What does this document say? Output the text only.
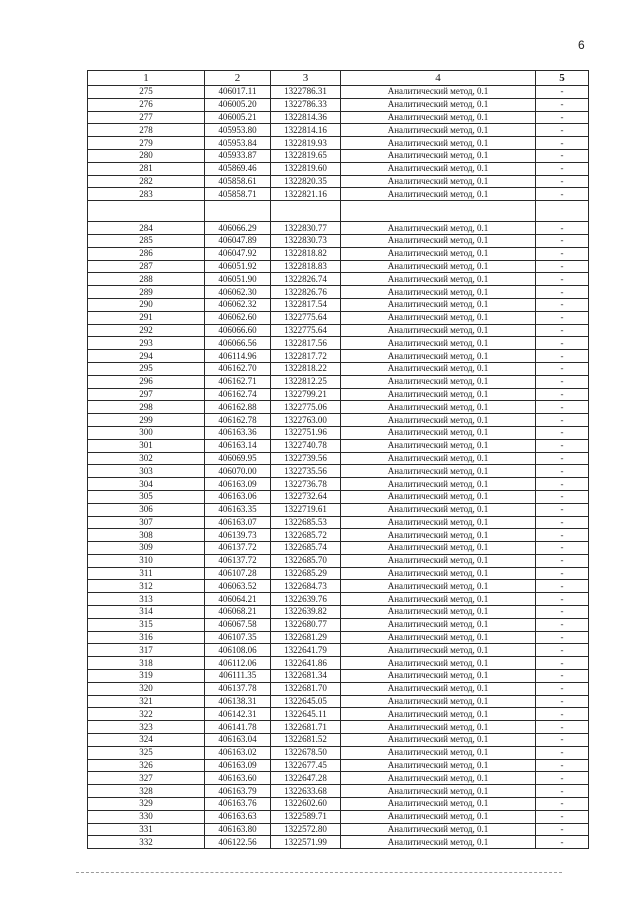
6
1	2	3	4	5
275	406017.11	1322786.31	Аналитический метод, 0.1	-
276	406005.20	1322786.33	Аналитический метод, 0.1	-
277	406005.21	1322814.36	Аналитический метод, 0.1	-
278	405953.80	1322814.16	Аналитический метод, 0.1	-
279	405953.84	1322819.93	Аналитический метод, 0.1	-
280	405933.87	1322819.65	Аналитический метод, 0.1	-
281	405869.46	1322819.60	Аналитический метод, 0.1	-
282	405858.61	1322820.35	Аналитический метод, 0.1	-
283	405858.71	1322821.16	Аналитический метод, 0.1	-

284	406066.29	1322830.77	Аналитический метод, 0.1	-
285	406047.89	1322830.73	Аналитический метод, 0.1	-
286	406047.92	1322818.82	Аналитический метод, 0.1	-
287	406051.92	1322818.83	Аналитический метод, 0.1	-
288	406051.90	1322826.74	Аналитический метод, 0.1	-
289	406062.30	1322826.76	Аналитический метод, 0.1	-
290	406062.32	1322817.54	Аналитический метод, 0.1	-
291	406062.60	1322775.64	Аналитический метод, 0.1	-
292	406066.60	1322775.64	Аналитический метод, 0.1	-
293	406066.56	1322817.56	Аналитический метод, 0.1	-
294	406114.96	1322817.72	Аналитический метод, 0.1	-
295	406162.70	1322818.22	Аналитический метод, 0.1	-
296	406162.71	1322812.25	Аналитический метод, 0.1	-
297	406162.74	1322799.21	Аналитический метод, 0.1	-
298	406162.88	1322775.06	Аналитический метод, 0.1	-
299	406162.78	1322763.00	Аналитический метод, 0.1	-
300	406163.36	1322751.96	Аналитический метод, 0.1	-
301	406163.14	1322740.78	Аналитический метод, 0.1	-
302	406069.95	1322739.56	Аналитический метод, 0.1	-
303	406070.00	1322735.56	Аналитический метод, 0.1	-
304	406163.09	1322736.78	Аналитический метод, 0.1	-
305	406163.06	1322732.64	Аналитический метод, 0.1	-
306	406163.35	1322719.61	Аналитический метод, 0.1	-
307	406163.07	1322685.53	Аналитический метод, 0.1	-
308	406139.73	1322685.72	Аналитический метод, 0.1	-
309	406137.72	1322685.74	Аналитический метод, 0.1	-
310	406137.72	1322685.70	Аналитический метод, 0.1	-
311	406107.28	1322685.29	Аналитический метод, 0.1	-
312	406063.52	1322684.73	Аналитический метод, 0.1	-
313	406064.21	1322639.76	Аналитический метод, 0.1	-
314	406068.21	1322639.82	Аналитический метод, 0.1	-
315	406067.58	1322680.77	Аналитический метод, 0.1	-
316	406107.35	1322681.29	Аналитический метод, 0.1	-
317	406108.06	1322641.79	Аналитический метод, 0.1	-
318	406112.06	1322641.86	Аналитический метод, 0.1	-
319	406111.35	1322681.34	Аналитический метод, 0.1	-
320	406137.78	1322681.70	Аналитический метод, 0.1	-
321	406138.31	1322645.05	Аналитический метод, 0.1	-
322	406142.31	1322645.11	Аналитический метод, 0.1	-
323	406141.78	1322681.71	Аналитический метод, 0.1	-
324	406163.04	1322681.52	Аналитический метод, 0.1	-
325	406163.02	1322678.50	Аналитический метод, 0.1	-
326	406163.09	1322677.45	Аналитический метод, 0.1	-
327	406163.60	1322647.28	Аналитический метод, 0.1	-
328	406163.79	1322633.68	Аналитический метод, 0.1	-
329	406163.76	1322602.60	Аналитический метод, 0.1	-
330	406163.63	1322589.71	Аналитический метод, 0.1	-
331	406163.80	1322572.80	Аналитический метод, 0.1	-
332	406122.56	1322571.99	Аналитический метод, 0.1	-
